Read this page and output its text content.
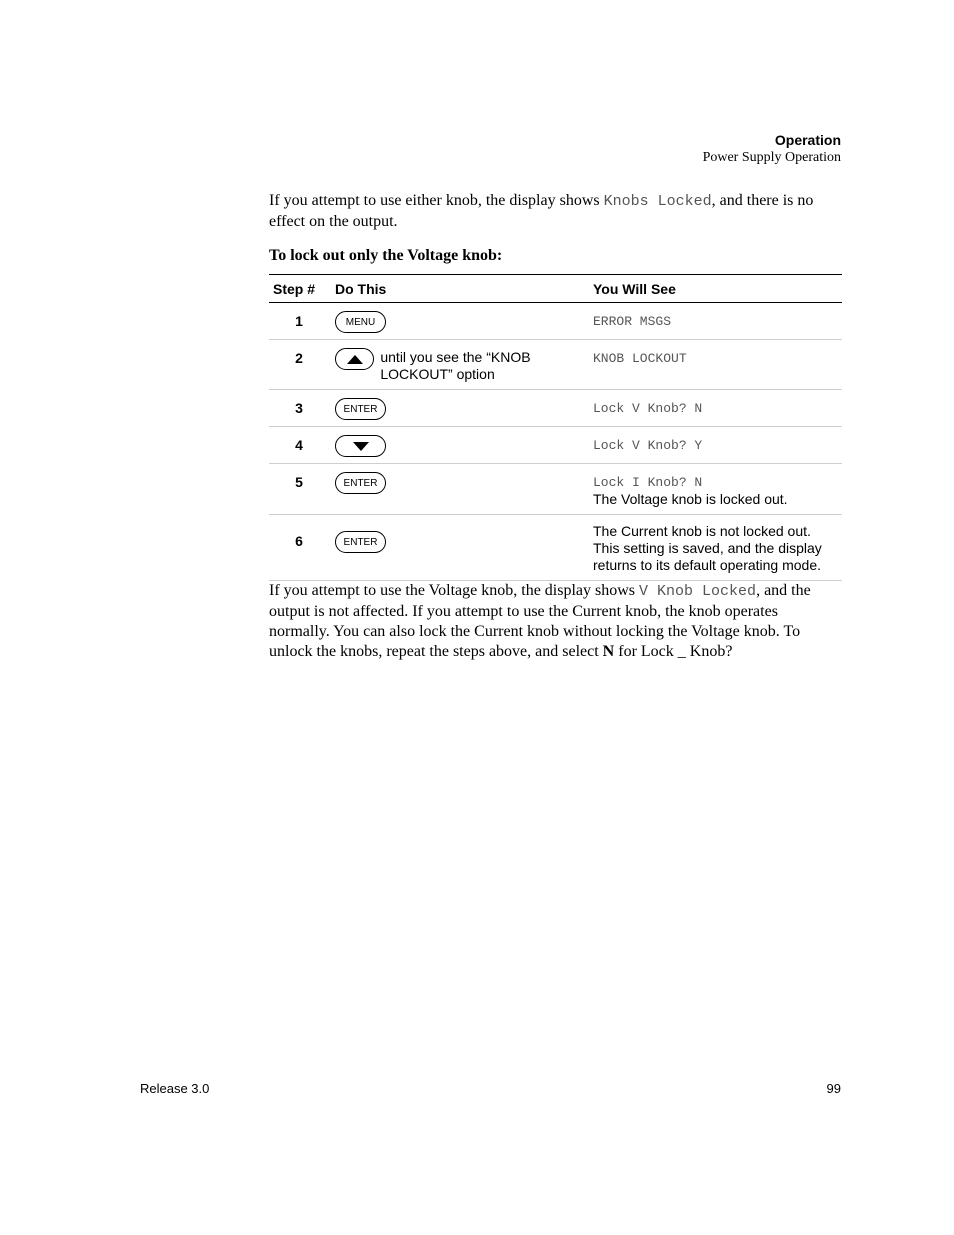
Operation
Power Supply Operation

If you attempt to use either knob, the display shows Knobs Locked, and there is no effect on the output.

To lock out only the Voltage knob:
Step #	Do This	You Will See
1	MENU	ERROR MSGS

2	until you see the “KNOB LOCKOUT” option	KNOB LOCKOUT

3	ENTER	Lock V Knob? N

4		Lock V Knob? Y

5	ENTER	Lock I Knob? N
The Voltage knob is locked out.

6	ENTER	The Current knob is not locked out. This setting is saved, and the display returns to its default operating mode.

If you attempt to use the Voltage knob, the display shows V Knob Locked, and the output is not affected. If you attempt to use the Current knob, the knob operates normally. You can also lock the Current knob without locking the Voltage knob. To unlock the knobs, repeat the steps above, and select N for Lock _ Knob?

Release 3.0	99
